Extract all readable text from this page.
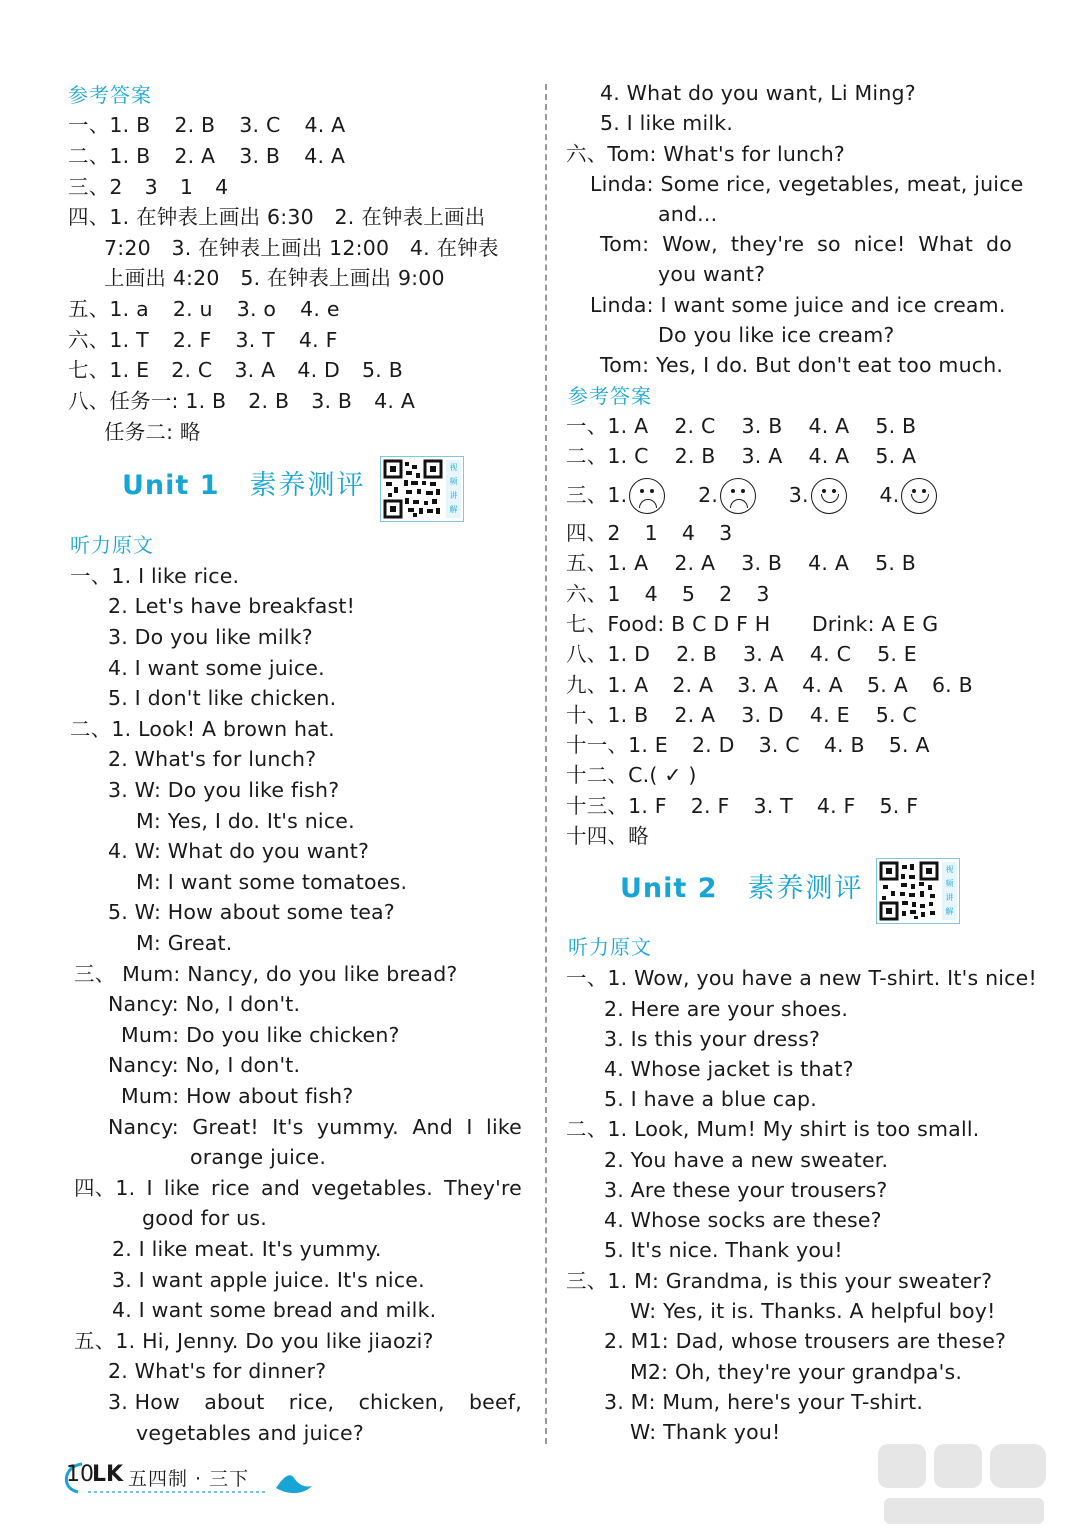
参考答案
一、1. B 2. B 3. C 4. A
二、1. B 2. A 3. B 4. A
三、2 3 1 4
四、1. 在钟表上画出 6:30　2. 在钟表上画出
7:20　3. 在钟表上画出 12:00　4. 在钟表
上画出 4:20　5. 在钟表上画出 9:00
五、1. a 2. u 3. o 4. e
六、1. T 2. F 3. T 4. F
七、1. E 2. C 3. A 4. D 5. B
八、任务一: 1. B 2. B 3. B 4. A
任务二: 略
Unit 1 素养测评
视
频
讲
解
听力原文
一、1. I like rice.
2. Let's have breakfast!
3. Do you like milk?
4. I want some juice.
5. I don't like chicken.
二、1. Look! A brown hat.
2. What's for lunch?
3. W: Do you like fish?
M: Yes, I do. It's nice.
4. W: What do you want?
M: I want some tomatoes.
5. W: How about some tea?
M: Great.
三、 Mum: Nancy, do you like bread?
Nancy: No, I don't.
Mum: Do you like chicken?
Nancy: No, I don't.
Mum: How about fish?
Nancy: Great! It's yummy. And I like
orange juice.
四、1. I like rice and vegetables. They're
good for us.
2. I like meat. It's yummy.
3. I want apple juice. It's nice.
4. I want some bread and milk.
五、1. Hi, Jenny. Do you like jiaozi?
2. What's for dinner?
3. How about rice, chicken, beef,
vegetables and juice?
4. What do you want, Li Ming?
5. I like milk.
六、Tom: What's for lunch?
Linda: Some rice, vegetables, meat, juice
and...
Tom: Wow, they're so nice! What do
you want?
Linda: I want some juice and ice cream.
Do you like ice cream?
Tom: Yes, I do. But don't eat too much.
参考答案
一、1. A 2. C 3. B 4. A 5. B
二、1. C 2. B 3. A 4. A 5. A
三、1.	2.	3.	4.
四、2 1 4 3
五、1. A 2. A 3. B 4. A 5. B
六、1 4 5 2 3
七、Food: B C D F H　　Drink: A E G
八、1. D 2. B 3. A 4. C 5. E
九、1. A 2. A 3. A 4. A 5. A 6. B
十、1. B 2. A 3. D 4. E 5. C
十一、1. E 2. D 3. C 4. B 5. A
十二、C.( ✓ )
十三、1. F 2. F 3. T 4. F 5. F
十四、略
Unit 2 素养测评
视
频
讲
解
听力原文
一、1. Wow, you have a new T-shirt. It's nice!
2. Here are your shoes.
3. Is this your dress?
4. Whose jacket is that?
5. I have a blue cap.
二、1. Look, Mum! My shirt is too small.
2. You have a new sweater.
3. Are these your trousers?
4. Whose socks are these?
5. It's nice. Thank you!
三、1. M: Grandma, is this your sweater?
W: Yes, it is. Thanks. A helpful boy!
2. M1: Dad, whose trousers are these?
M2: Oh, they're your grandpa's.
3. M: Mum, here's your T-shirt.
W: Thank you!
10
LK 五四制 · 三下
